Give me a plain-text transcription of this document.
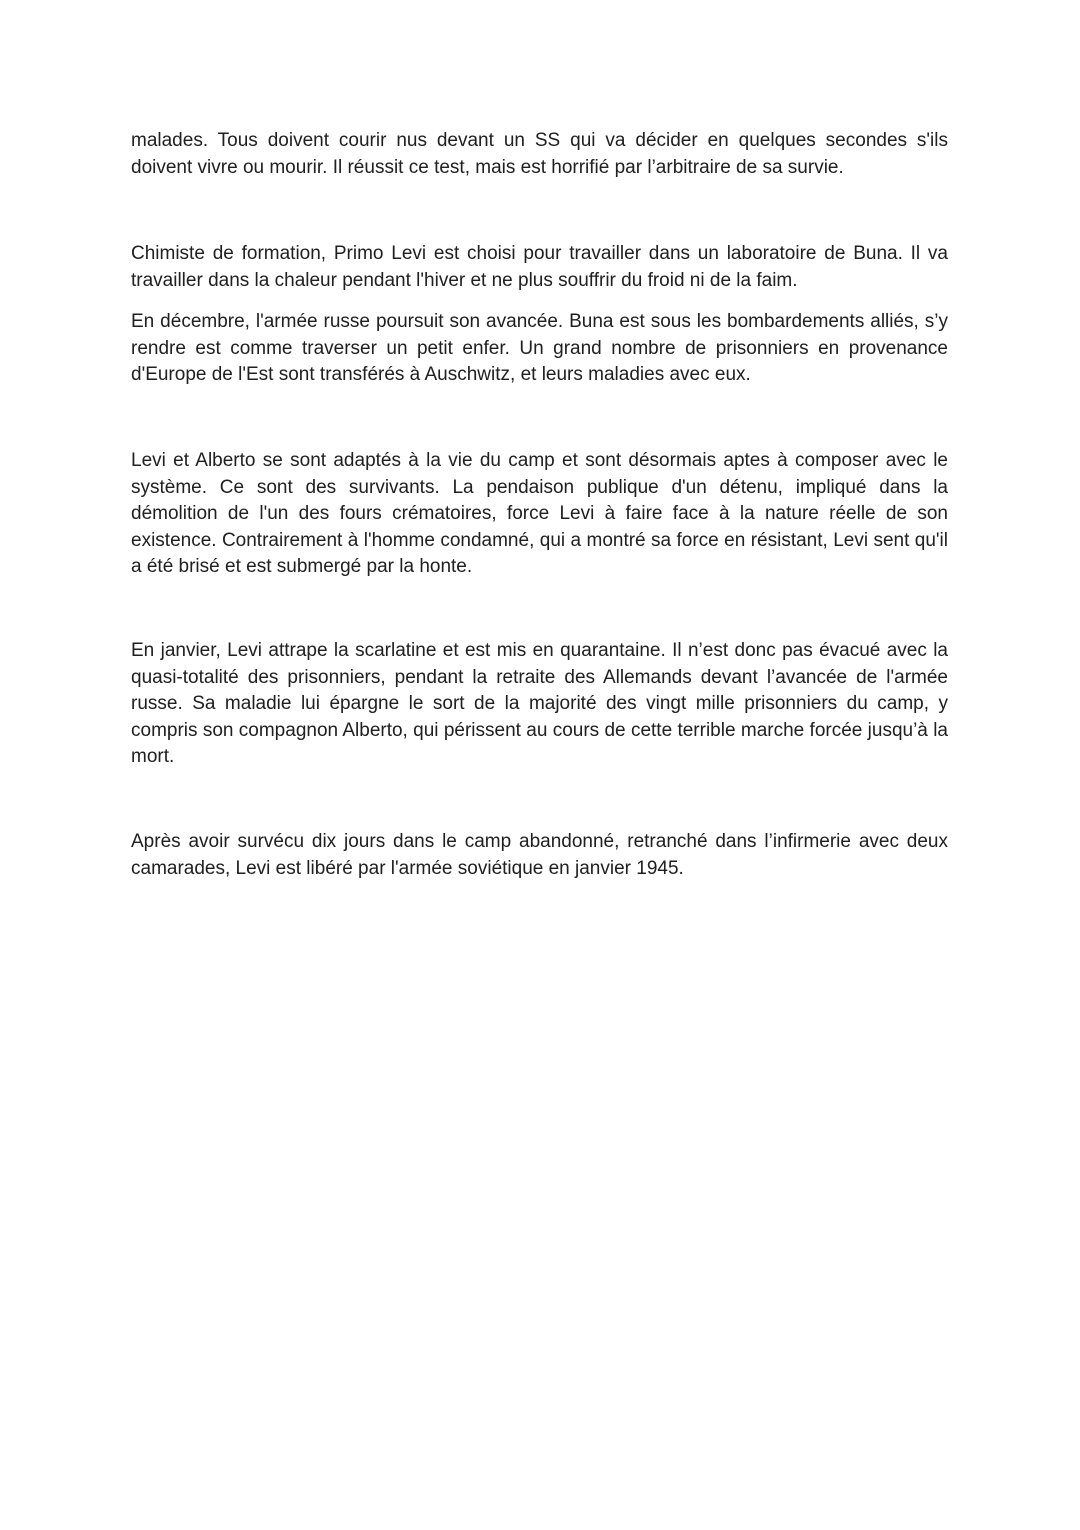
malades. Tous doivent courir nus devant un SS qui va décider en quelques secondes s'ils doivent vivre ou mourir. Il réussit ce test, mais est horrifié par l’arbitraire de sa survie.

Chimiste de formation, Primo Levi est choisi pour travailler dans un laboratoire de Buna. Il va travailler dans la chaleur pendant l'hiver et ne plus souffrir du froid ni de la faim.

En décembre, l'armée russe poursuit son avancée. Buna est sous les bombardements alliés, s’y rendre est comme traverser un petit enfer. Un grand nombre de prisonniers en provenance d'Europe de l'Est sont transférés à Auschwitz, et leurs maladies avec eux.

Levi et Alberto se sont adaptés à la vie du camp et sont désormais aptes à composer avec le système. Ce sont des survivants. La pendaison publique d'un détenu, impliqué dans la démolition de l'un des fours crématoires, force Levi à faire face à la nature réelle de son existence. Contrairement à l'homme condamné, qui a montré sa force en résistant, Levi sent qu'il a été brisé et est submergé par la honte.

En janvier, Levi attrape la scarlatine et est mis en quarantaine. Il n’est donc pas évacué avec la quasi-totalité des prisonniers, pendant la retraite des Allemands devant l’avancée de l'armée russe. Sa maladie lui épargne le sort de la majorité des vingt mille prisonniers du camp, y compris son compagnon Alberto, qui périssent au cours de cette terrible marche forcée jusqu’à la mort.

Après avoir survécu dix jours dans le camp abandonné, retranché dans l’infirmerie avec deux camarades, Levi est libéré par l'armée soviétique en janvier 1945.
